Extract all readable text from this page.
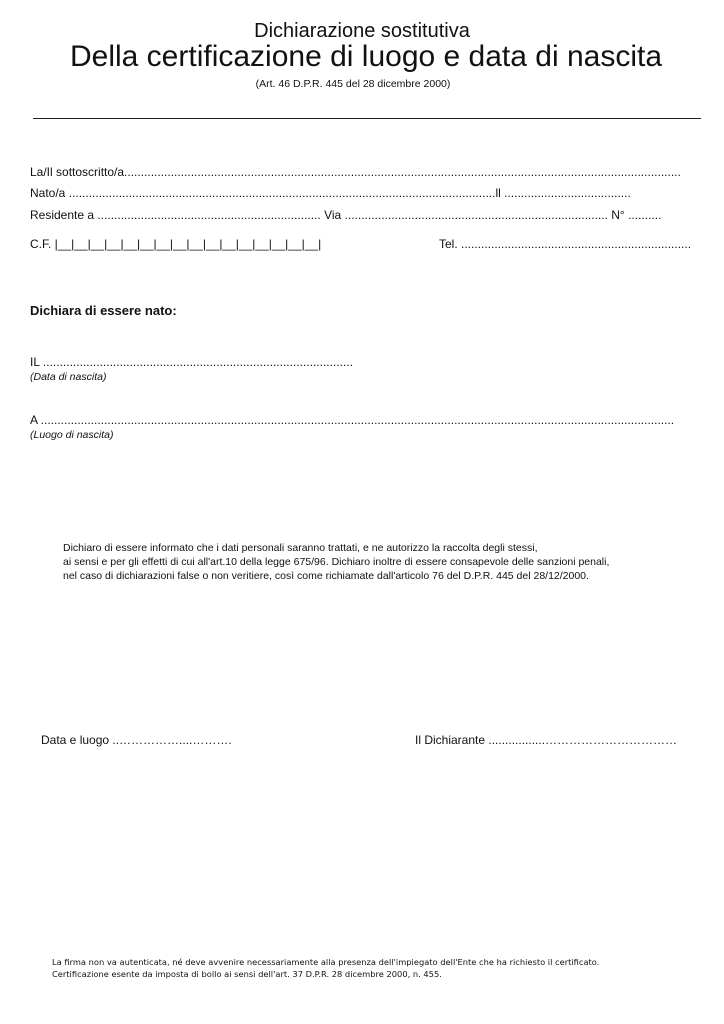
Dichiarazione sostitutiva
Della certificazione di luogo e data di nascita
(Art. 46 D.P.R. 445 del 28 dicembre 2000)
La/Il sottoscritto/a.......................................................................................................................................................................
Nato/a ................................................................................................................................ll ......................................
Residente a ................................................................... Via ............................................................................... N° ..........
C.F. |__|__|__|__|__|__|__|__|__|__|__|__|__|__|__|__|	Tel. .....................................................................
Dichiara di essere nato:
IL .............................................................................................
(Data di nascita)
A ..............................................................................................................................................................................................
(Luogo di nascita)
Dichiaro di essere informato che i dati personali saranno trattati, e ne autorizzo la raccolta degli stessi,
ai sensi e per gli effetti di cui all'art.10 della legge 675/96. Dichiaro inoltre di essere consapevole delle sanzioni penali,
nel caso di dichiarazioni false o non veritiere, così come richiamate dall'articolo 76 del D.P.R. 445 del 28/12/2000.
Data e luogo ..……………....……….	Il Dichiarante .................……………………………
La firma non va autenticata, né deve avvenire necessariamente alla presenza dell'impiegato dell'Ente che ha richiesto il certificato.
Certificazione esente da imposta di bollo ai sensi dell'art. 37 D.P.R. 28 dicembre 2000, n. 455.
